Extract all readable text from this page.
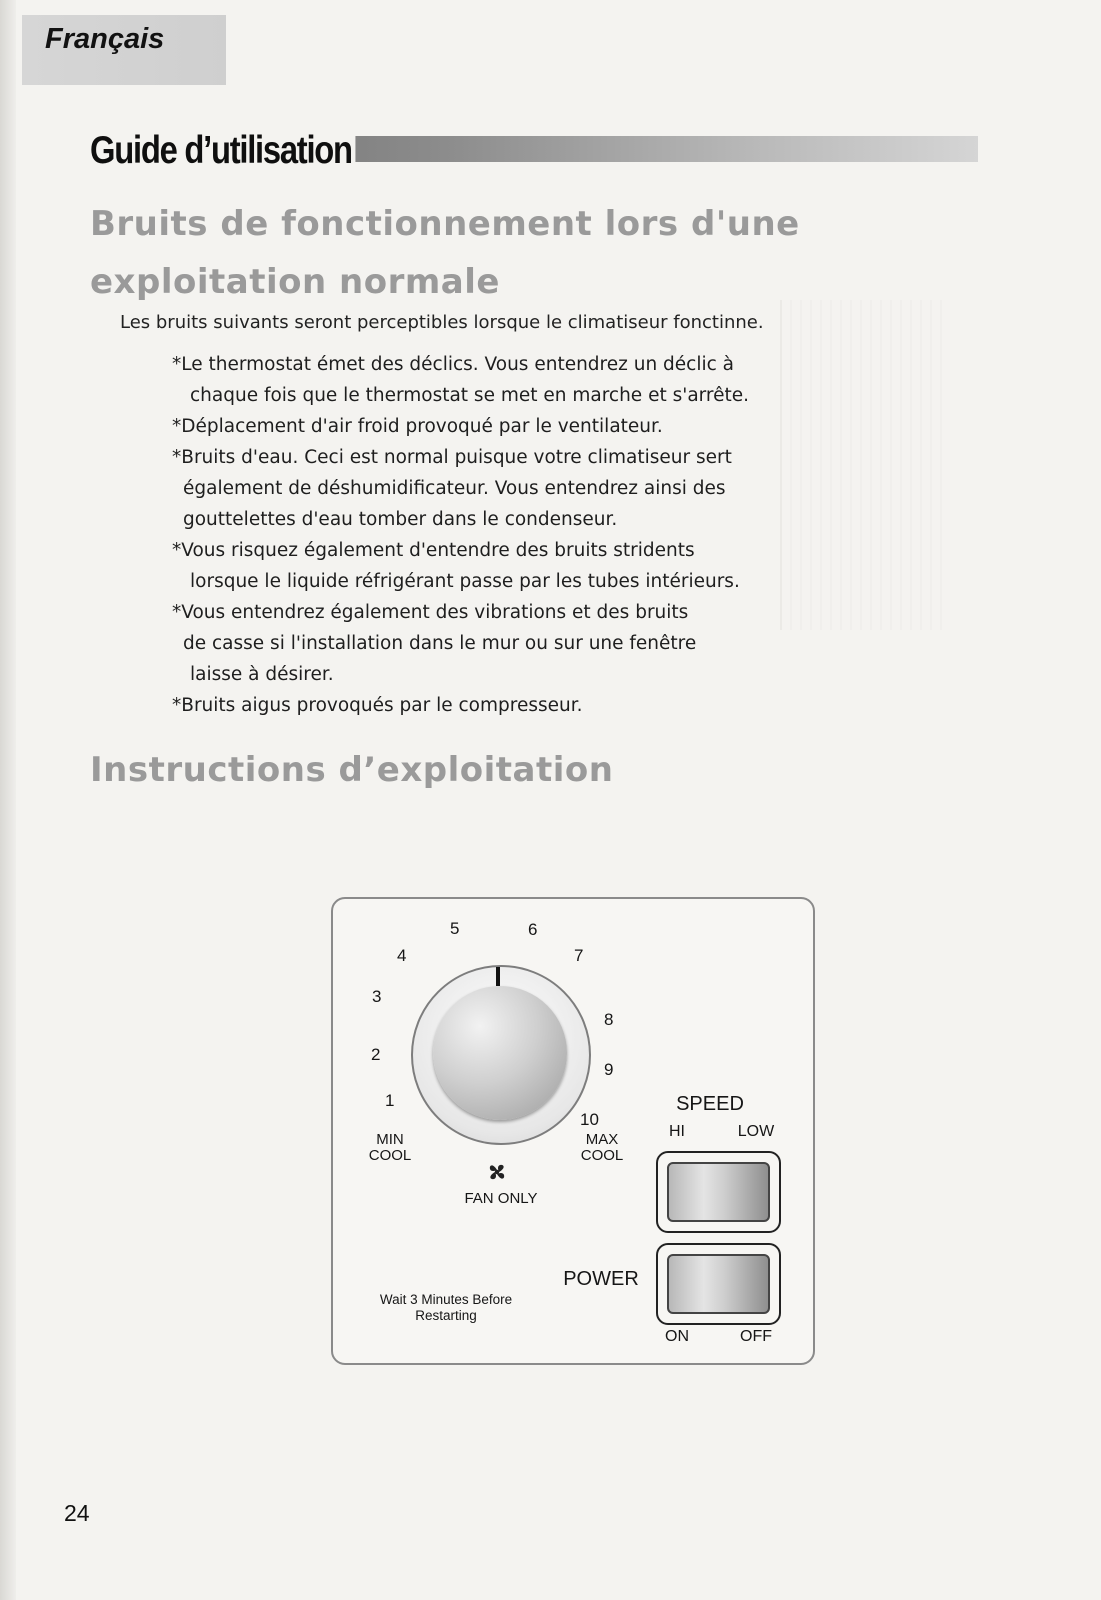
Français
Guide d’utilisation
Bruits de fonctionnement lors d'une
exploitation normale
Les bruits suivants seront perceptibles lorsque le climatiseur fonctinne.

*Le thermostat émet des déclics. Vous entendrez un déclic à
chaque fois que le thermostat se met en marche et s'arrête.

*Déplacement d'air froid provoqué par le ventilateur.

*Bruits d'eau. Ceci est normal puisque votre climatiseur sert
également de déshumidificateur. Vous entendrez ainsi des
gouttelettes d'eau tomber dans le condenseur.

*Vous risquez également d'entendre des bruits stridents
lorsque le liquide réfrigérant passe par les tubes intérieurs.

*Vous entendrez également des vibrations et des bruits
de casse si l'installation dans le mur ou sur une fenêtre
laisse à désirer.

*Bruits aigus provoqués par le compresseur.

Instructions d’exploitation
1
2
3
4
5	6
7
8
9
10
MIN
COOL
MAX
COOL
FAN ONLY
Wait 3 Minutes Before
Restarting
SPEED
HI	LOW
POWER
ON	OFF
24
